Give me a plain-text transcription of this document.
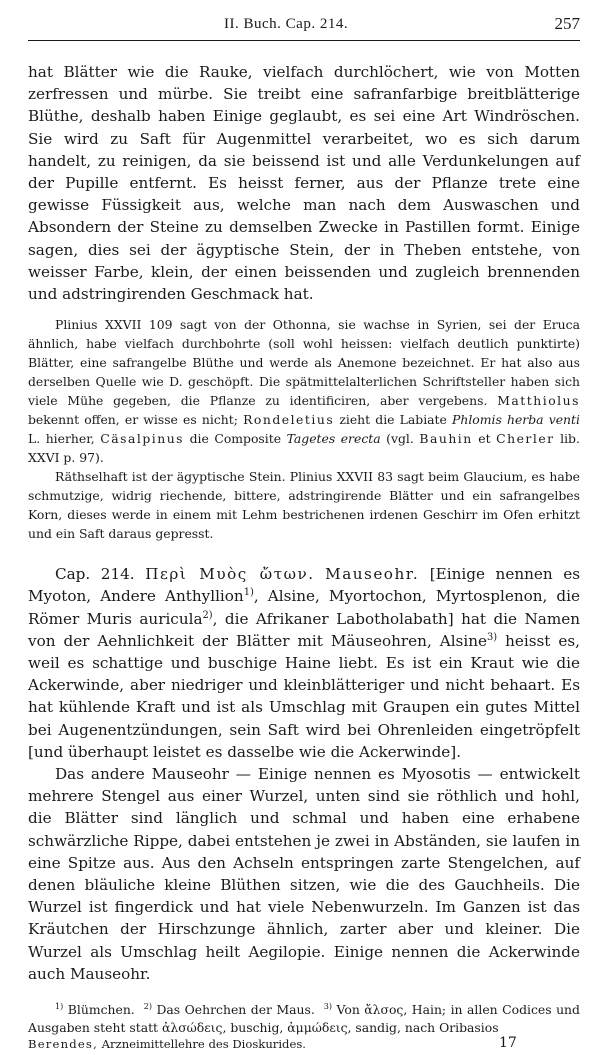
II. Buch. Cap. 214.	257

hat Blätter wie die Rauke, vielfach durchlöchert, wie von Motten zerfressen und mürbe. Sie treibt eine safranfarbige breitblätterige Blüthe, deshalb haben Einige geglaubt, es sei eine Art Windröschen. Sie wird zu Saft für Augenmittel verarbeitet, wo es sich darum handelt, zu reinigen, da sie beissend ist und alle Verdunkelungen auf der Pupille entfernt. Es heisst ferner, aus der Pflanze trete eine gewisse Füssigkeit aus, welche man nach dem Auswaschen und Absondern der Steine zu demselben Zwecke in Pastillen formt. Einige sagen, dies sei der ägyptische Stein, der in Theben entstehe, von weisser Farbe, klein, der einen beissenden und zugleich brennenden und adstringirenden Geschmack hat.

Plinius XXVII 109 sagt von der Othonna, sie wachse in Syrien, sei der Eruca ähnlich, habe vielfach durchbohrte (soll wohl heissen: vielfach deutlich punktirte) Blätter, eine safrangelbe Blüthe und werde als Anemone bezeichnet. Er hat also aus derselben Quelle wie D. geschöpft. Die spätmittelalterlichen Schriftsteller haben sich viele Mühe gegeben, die Pflanze zu identificiren, aber vergebens. Matthiolus bekennt offen, er wisse es nicht; Rondeletius zieht die Labiate Phlomis herba venti L. hierher, Cäsalpinus die Composite Tagetes erecta (vgl. Bauhin et Cherler lib. XXVI p. 97).

Räthselhaft ist der ägyptische Stein. Plinius XXVII 83 sagt beim Glaucium, es habe schmutzige, widrig riechende, bittere, adstringirende Blätter und ein safrangelbes Korn, dieses werde in einem mit Lehm bestrichenen irdenen Geschirr im Ofen erhitzt und ein Saft daraus gepresst.

Cap. 214. Περὶ Μυὸς ὤτων. Mauseohr. [Einige nennen es Myoton, Andere Anthyllion$^{1)}$, Alsine, Myortochon, Myrtosplenon, die Römer Muris auricula$^{2)}$, die Afrikaner Labotholabath] hat die Namen von der Aehnlichkeit der Blätter mit Mäuseohren, Alsine$^{3)}$ heisst es, weil es schattige und buschige Haine liebt. Es ist ein Kraut wie die Ackerwinde, aber niedriger und kleinblätteriger und nicht behaart. Es hat kühlende Kraft und ist als Umschlag mit Graupen ein gutes Mittel bei Augenentzündungen, sein Saft wird bei Ohrenleiden eingetröpfelt [und überhaupt leistet es dasselbe wie die Ackerwinde].

Das andere Mauseohr — Einige nennen es Myosotis — entwickelt mehrere Stengel aus einer Wurzel, unten sind sie röthlich und hohl, die Blätter sind länglich und schmal und haben eine erhabene schwärzliche Rippe, dabei entstehen je zwei in Abständen, sie laufen in eine Spitze aus. Aus den Achseln entspringen zarte Stengelchen, auf denen bläuliche kleine Blüthen sitzen, wie die des Gauchheils. Die Wurzel ist fingerdick und hat viele Nebenwurzeln. Im Ganzen ist das Kräutchen der Hirschzunge ähnlich, zarter aber und kleiner. Die Wurzel als Umschlag heilt Aegilopie. Einige nennen die Ackerwinde auch Mauseohr.

$^{1)}$ Blümchen. $^{2)}$ Das Oehrchen der Maus. $^{3)}$ Von ἄλσος, Hain; in allen Codices und Ausgaben steht statt ἀλσώδεις, buschig, ἀμμώδεις, sandig, nach Oribasios

Berendes, Arzneimittellehre des Dioskurides.	17
